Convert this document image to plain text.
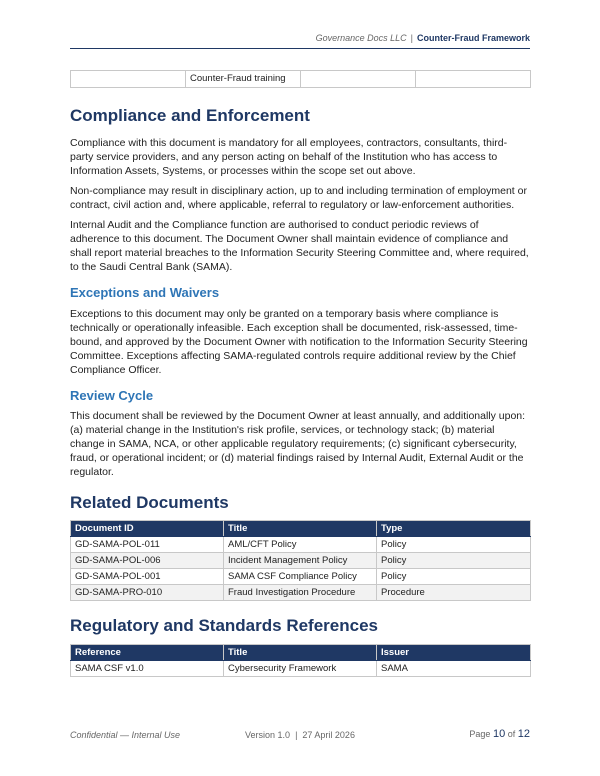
Governance Docs LLC | Counter-Fraud Framework
	Counter-Fraud training		
Compliance and Enforcement

Compliance with this document is mandatory for all employees, contractors, consultants, third-party service providers, and any person acting on behalf of the Institution who has access to Information Assets, Systems, or processes within the scope set out above.

Non-compliance may result in disciplinary action, up to and including termination of employment or contract, civil action and, where applicable, referral to regulatory or law-enforcement authorities.

Internal Audit and the Compliance function are authorised to conduct periodic reviews of adherence to this document. The Document Owner shall maintain evidence of compliance and shall report material breaches to the Information Security Steering Committee and, where required, to the Saudi Central Bank (SAMA).

Exceptions and Waivers

Exceptions to this document may only be granted on a temporary basis where compliance is technically or operationally infeasible. Each exception shall be documented, risk-assessed, time-bound, and approved by the Document Owner with notification to the Information Security Steering Committee. Exceptions affecting SAMA-regulated controls require additional review by the Chief Compliance Officer.

Review Cycle

This document shall be reviewed by the Document Owner at least annually, and additionally upon: (a) material change in the Institution's risk profile, services, or technology stack; (b) material change in SAMA, NCA, or other applicable regulatory requirements; (c) significant cybersecurity, fraud, or operational incident; or (d) material findings raised by Internal Audit, External Audit or the regulator.

Related Documents
Document ID	Title	Type
GD-SAMA-POL-011	AML/CFT Policy	Policy
GD-SAMA-POL-006	Incident Management Policy	Policy
GD-SAMA-POL-001	SAMA CSF Compliance Policy	Policy
GD-SAMA-PRO-010	Fraud Investigation Procedure	Procedure
Regulatory and Standards References
Reference	Title	Issuer
SAMA CSF v1.0	Cybersecurity Framework	SAMA
Confidential — Internal Use	Version 1.0  |  27 April 2026	Page 10 of 12
